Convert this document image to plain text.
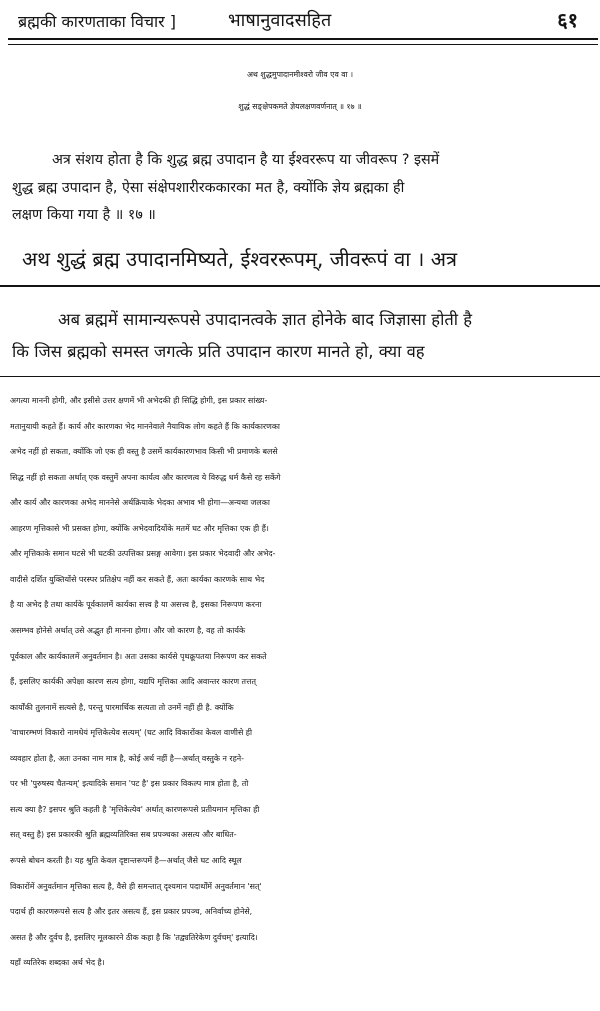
ब्रह्मकी कारणताका विचार ]	भाषानुवादसहित	६१
अथ शुद्धमुपादानमीश्वरो जीव एव वा ।
शुद्धं सङ्क्षेपकमते ज्ञेयलक्षणवर्णनात् ॥ १७ ॥
अत्र संशय होता है कि शुद्ध ब्रह्म उपादान है या ईश्वररूप या जीवरूप ? इसमें
शुद्ध ब्रह्म उपादान है, ऐसा संक्षेपशारीरककारका मत है, क्योंकि ज्ञेय ब्रह्मका ही
लक्षण किया गया है ॥ १७ ॥
अथ शुद्धं ब्रह्म उपादानमिष्यते, ईश्वररूपम्, जीवरूपं वा । अत्र
अब ब्रह्ममें सामान्यरूपसे उपादानत्वके ज्ञात होनेके बाद जिज्ञासा होती है
कि जिस ब्रह्मको समस्त जगत्के प्रति उपादान कारण मानते हो, क्या वह
अगत्या माननी होगी, और इसीसे उत्तर क्षणमें भी अभेदकी ही सिद्धि होगी, इस प्रकार सांख्य-
मतानुयायी कहते हैं। कार्य और कारणका भेद माननेवाले नैयायिक लोग कहते हैं कि कार्यकारणका
अभेद नहीं हो सकता, क्योंकि जो एक ही वस्तु है उसमें कार्यकारणभाव किसी भी प्रमाणके बलसे
सिद्ध नहीं हो सकता अर्थात् एक वस्तुमें अपना कार्यत्व और कारणत्व ये विरुद्ध धर्म कैसे रह सकेंगे
और कार्य और कारणका अभेद माननेसे अर्थक्रियाके भेदका अभाव भी होगा—अन्यथा जलका
आहरण मृत्तिकासे भी प्रसक्त होगा, क्योंकि अभेदवादियोंके मतमें घट और मृत्तिका एक ही हैं।
और मृत्तिकाके समान घटसे भी घटकी उत्पत्तिका प्रसङ्ग आवेगा। इस प्रकार भेदवादी और अभेद-
वादीसे दर्शित युक्तियोंसे परस्पर प्रतिक्षेप नहीं कर सकते हैं, अतः कार्यका कारणके साथ भेद
है या अभेद है तथा कार्यके पूर्वकालमें कार्यका सत्त्व है या असत्त्व है, इसका निरूपण करना
असम्भव होनेसे अर्थात् उसे अद्भुत ही मानना होगा। और जो कारण है, वह तो कार्यके
पूर्वकाल और कार्यकालमें अनुवर्तमान है। अतः उसका कार्यसे पृथक्रूपतया निरूपण कर सकते
हैं, इसलिए कार्यकी अपेक्षा कारण सत्य होगा, यद्यपि मृत्तिका आदि अवान्तर कारण तत्तत्
कार्योंकी तुलनामें सत्यसे है, परन्तु पारमार्थिक सत्यता तो उनमें नहीं ही है. क्योंकि
'वाचारम्भणं विकारो नामधेयं मृत्तिकेत्येव सत्यम्' (घट आदि विकारोंका केवल वाणीसे ही
व्यवहार होता है, अतः उनका नाम मात्र है, कोई अर्थ नहीं है—अर्थात् वस्तुके न रहने-
पर भी 'पुरुषस्य चैतन्यम्' इत्यादिके समान 'पट है' इस प्रकार विकल्प मात्र होता है, तो
सत्य क्या है? इसपर श्रुति कहती है 'मृत्तिकेत्येव' अर्थात् कारणरूपसे प्रतीयमान मृत्तिका ही
सत् वस्तु है) इस प्रकारकी श्रुति ब्रह्मव्यतिरिक्त सब प्रपञ्चका असत्य और बाधित-
रूपसे बोधन करती है। यह श्रुति केवल दृष्टान्तरूपमें है—अर्थात् जैसे घट आदि स्थूल
विकारोंमें अनुवर्तमान मृत्तिका सत्य है, वैसे ही समन्तात् दृश्यमान पदार्थोंमें अनुवर्तमान 'सत्'
पदार्थ ही कारणरूपसे सत्य है और इतर असत्य हैं, इस प्रकार प्रपञ्च, अनिर्वाच्य होनेसे,
असत है और दुर्वच है, इसलिए मूलकारने ठीक कहा है कि 'तद्व्यतिरेकेण दुर्वचम्' इत्यादि।
यहाँ व्यतिरेक शब्दका अर्थ भेद है।
